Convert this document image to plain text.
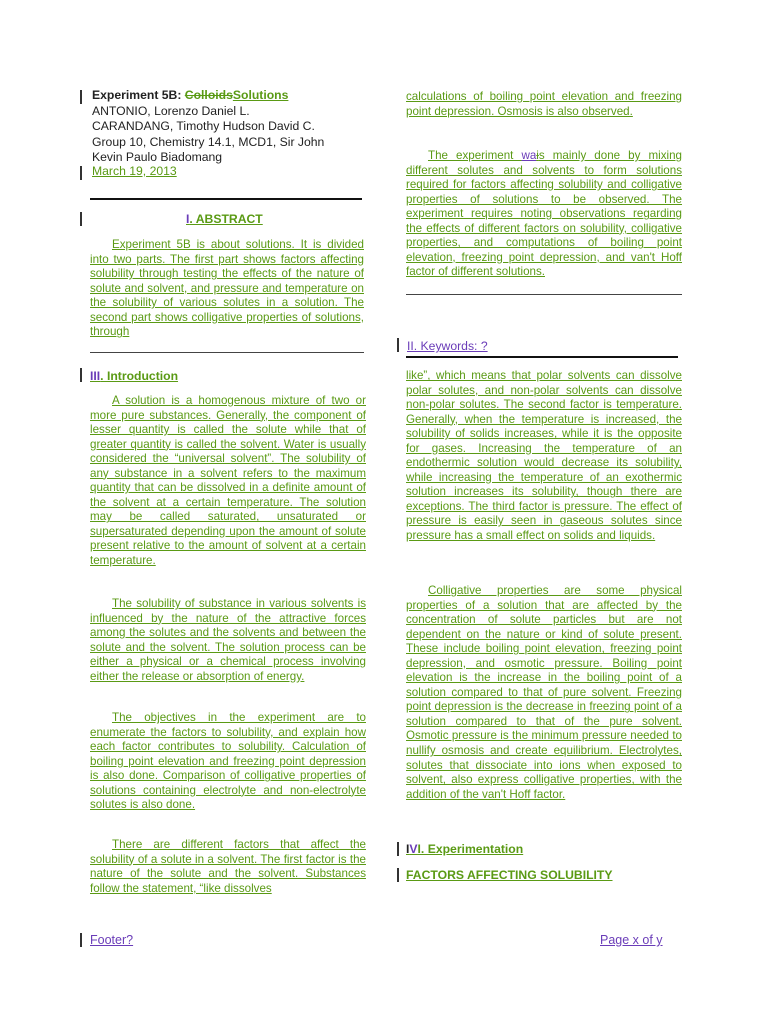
Experiment 5B: ColloidsSolutions
ANTONIO, Lorenzo Daniel L.
CARANDANG, Timothy Hudson David C.
Group 10, Chemistry 14.1, MCD1, Sir John
Kevin Paulo Biadomang
March 19, 2013
I. ABSTRACT
Experiment 5B is about solutions. It is divided into two parts. The first part shows factors affecting solubility through testing the effects of the nature of solute and solvent, and pressure and temperature on the solubility of various solutes in a solution. The second part shows colligative properties of solutions, through
calculations of boiling point elevation and freezing point depression. Osmosis is also observed.
The experiment wais mainly done by mixing different solutes and solvents to form solutions required for factors affecting solubility and colligative properties of solutions to be observed. The experiment requires noting observations regarding the effects of different factors on solubility, colligative properties, and computations of boiling point elevation, freezing point depression, and van't Hoff factor of different solutions.
II. Keywords: ?
III. Introduction
A solution is a homogenous mixture of two or more pure substances. Generally, the component of lesser quantity is called the solute while that of greater quantity is called the solvent. Water is usually considered the “universal solvent”. The solubility of any substance in a solvent refers to the maximum quantity that can be dissolved in a definite amount of the solvent at a certain temperature. The solution may be called saturated, unsaturated or supersaturated depending upon the amount of solute present relative to the amount of solvent at a certain temperature.
The solubility of substance in various solvents is influenced by the nature of the attractive forces among the solutes and the solvents and between the solute and the solvent. The solution process can be either a physical or a chemical process involving either the release or absorption of energy.
The objectives in the experiment are to enumerate the factors to solubility, and explain how each factor contributes to solubility. Calculation of boiling point elevation and freezing point depression is also done. Comparison of colligative properties of solutions containing electrolyte and non-electrolyte solutes is also done.
There are different factors that affect the solubility of a solute in a solvent. The first factor is the nature of the solute and the solvent. Substances follow the statement, “like dissolves
like”, which means that polar solvents can dissolve polar solutes, and non-polar solvents can dissolve non-polar solutes. The second factor is temperature. Generally, when the temperature is increased, the solubility of solids increases, while it is the opposite for gases. Increasing the temperature of an endothermic solution would decrease its solubility, while increasing the temperature of an exothermic solution increases its solubility, though there are exceptions. The third factor is pressure. The effect of pressure is easily seen in gaseous solutes since pressure has a small effect on solids and liquids.
Colligative properties are some physical properties of a solution that are affected by the concentration of solute particles but are not dependent on the nature or kind of solute present. These include boiling point elevation, freezing point depression, and osmotic pressure. Boiling point elevation is the increase in the boiling point of a solution compared to that of pure solvent. Freezing point depression is the decrease in freezing point of a solution compared to that of the pure solvent. Osmotic pressure is the minimum pressure needed to nullify osmosis and create equilibrium. Electrolytes, solutes that dissociate into ions when exposed to solvent, also express colligative properties, with the addition of the van't Hoff factor.
IVI. Experimentation
FACTORS AFFECTING SOLUBILITY
Footer?	Page x of y
